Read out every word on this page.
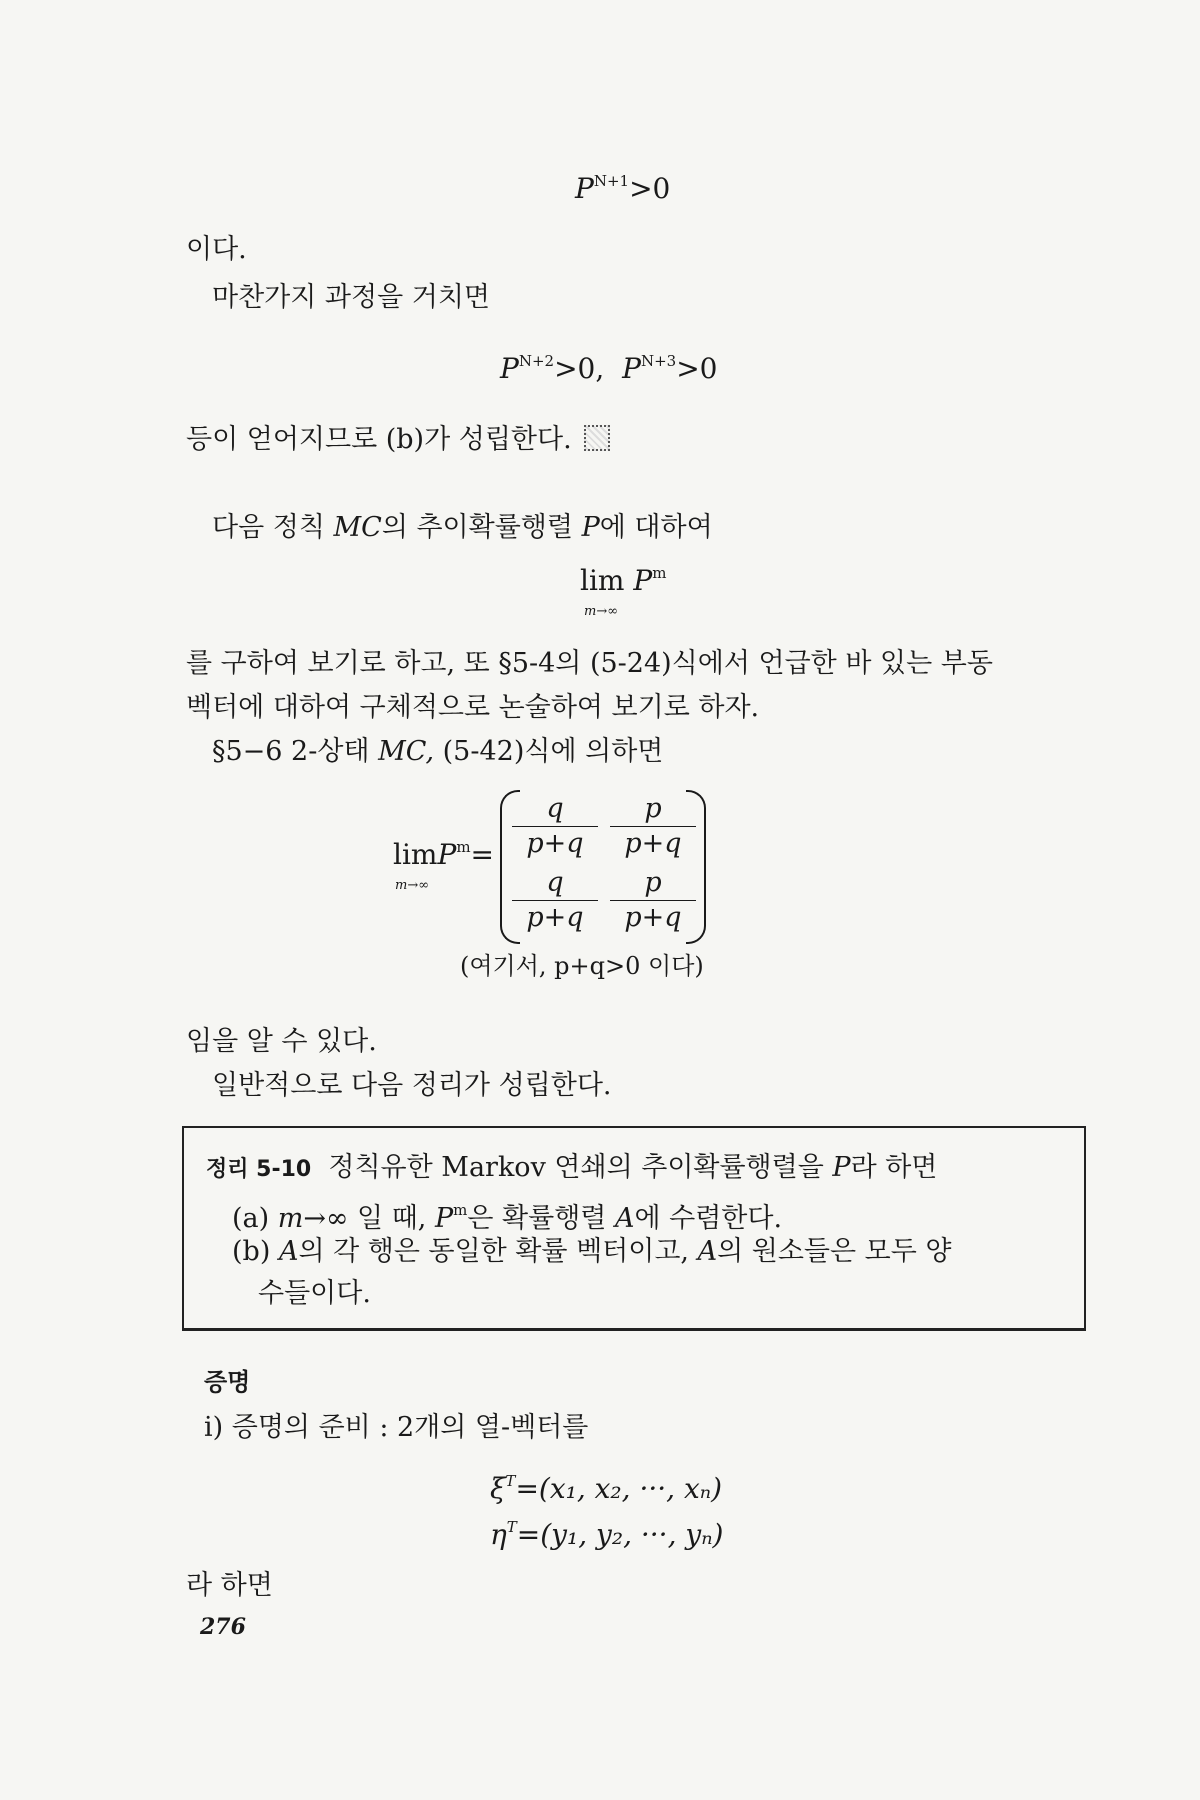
$P^{N+1}>0$
이다.
마찬가지 과정을 거치면
$P^{N+2}>0$, $P^{N+3}>0$
등이 얻어지므로 (b)가 성립한다.
다음 정칙 MC의 추이확률행렬 P에 대하여
$\lim P^m$
m→∞
를 구하여 보기로 하고, 또 §5-4의 (5-24)식에서 언급한 바 있는 부동
벡터에 대하여 구체적으로 논술하여 보기로 하자.
§5−6 2-상태 MC, (5-42)식에 의하면
limP$^m$=
m→∞
q
p+q
p
p+q
q
p+q
p
p+q
(여기서, p+q>0 이다)
임을 알 수 있다.
일반적으로 다음 정리가 성립한다.
정리 5-10 정칙유한 Markov 연쇄의 추이확률행렬을 P라 하면
(a) m→∞ 일 때, $P^m$은 확률행렬 A에 수렴한다.
(b) A의 각 행은 동일한 확률 벡터이고, A의 원소들은 모두 양
수들이다.
증명
i) 증명의 준비 : 2개의 열-벡터를
$\xi^T=(x_1$, x₂, ···, xₙ)
$\eta^T=(y_1$, y₂, ···, yₙ)
라 하면
276
